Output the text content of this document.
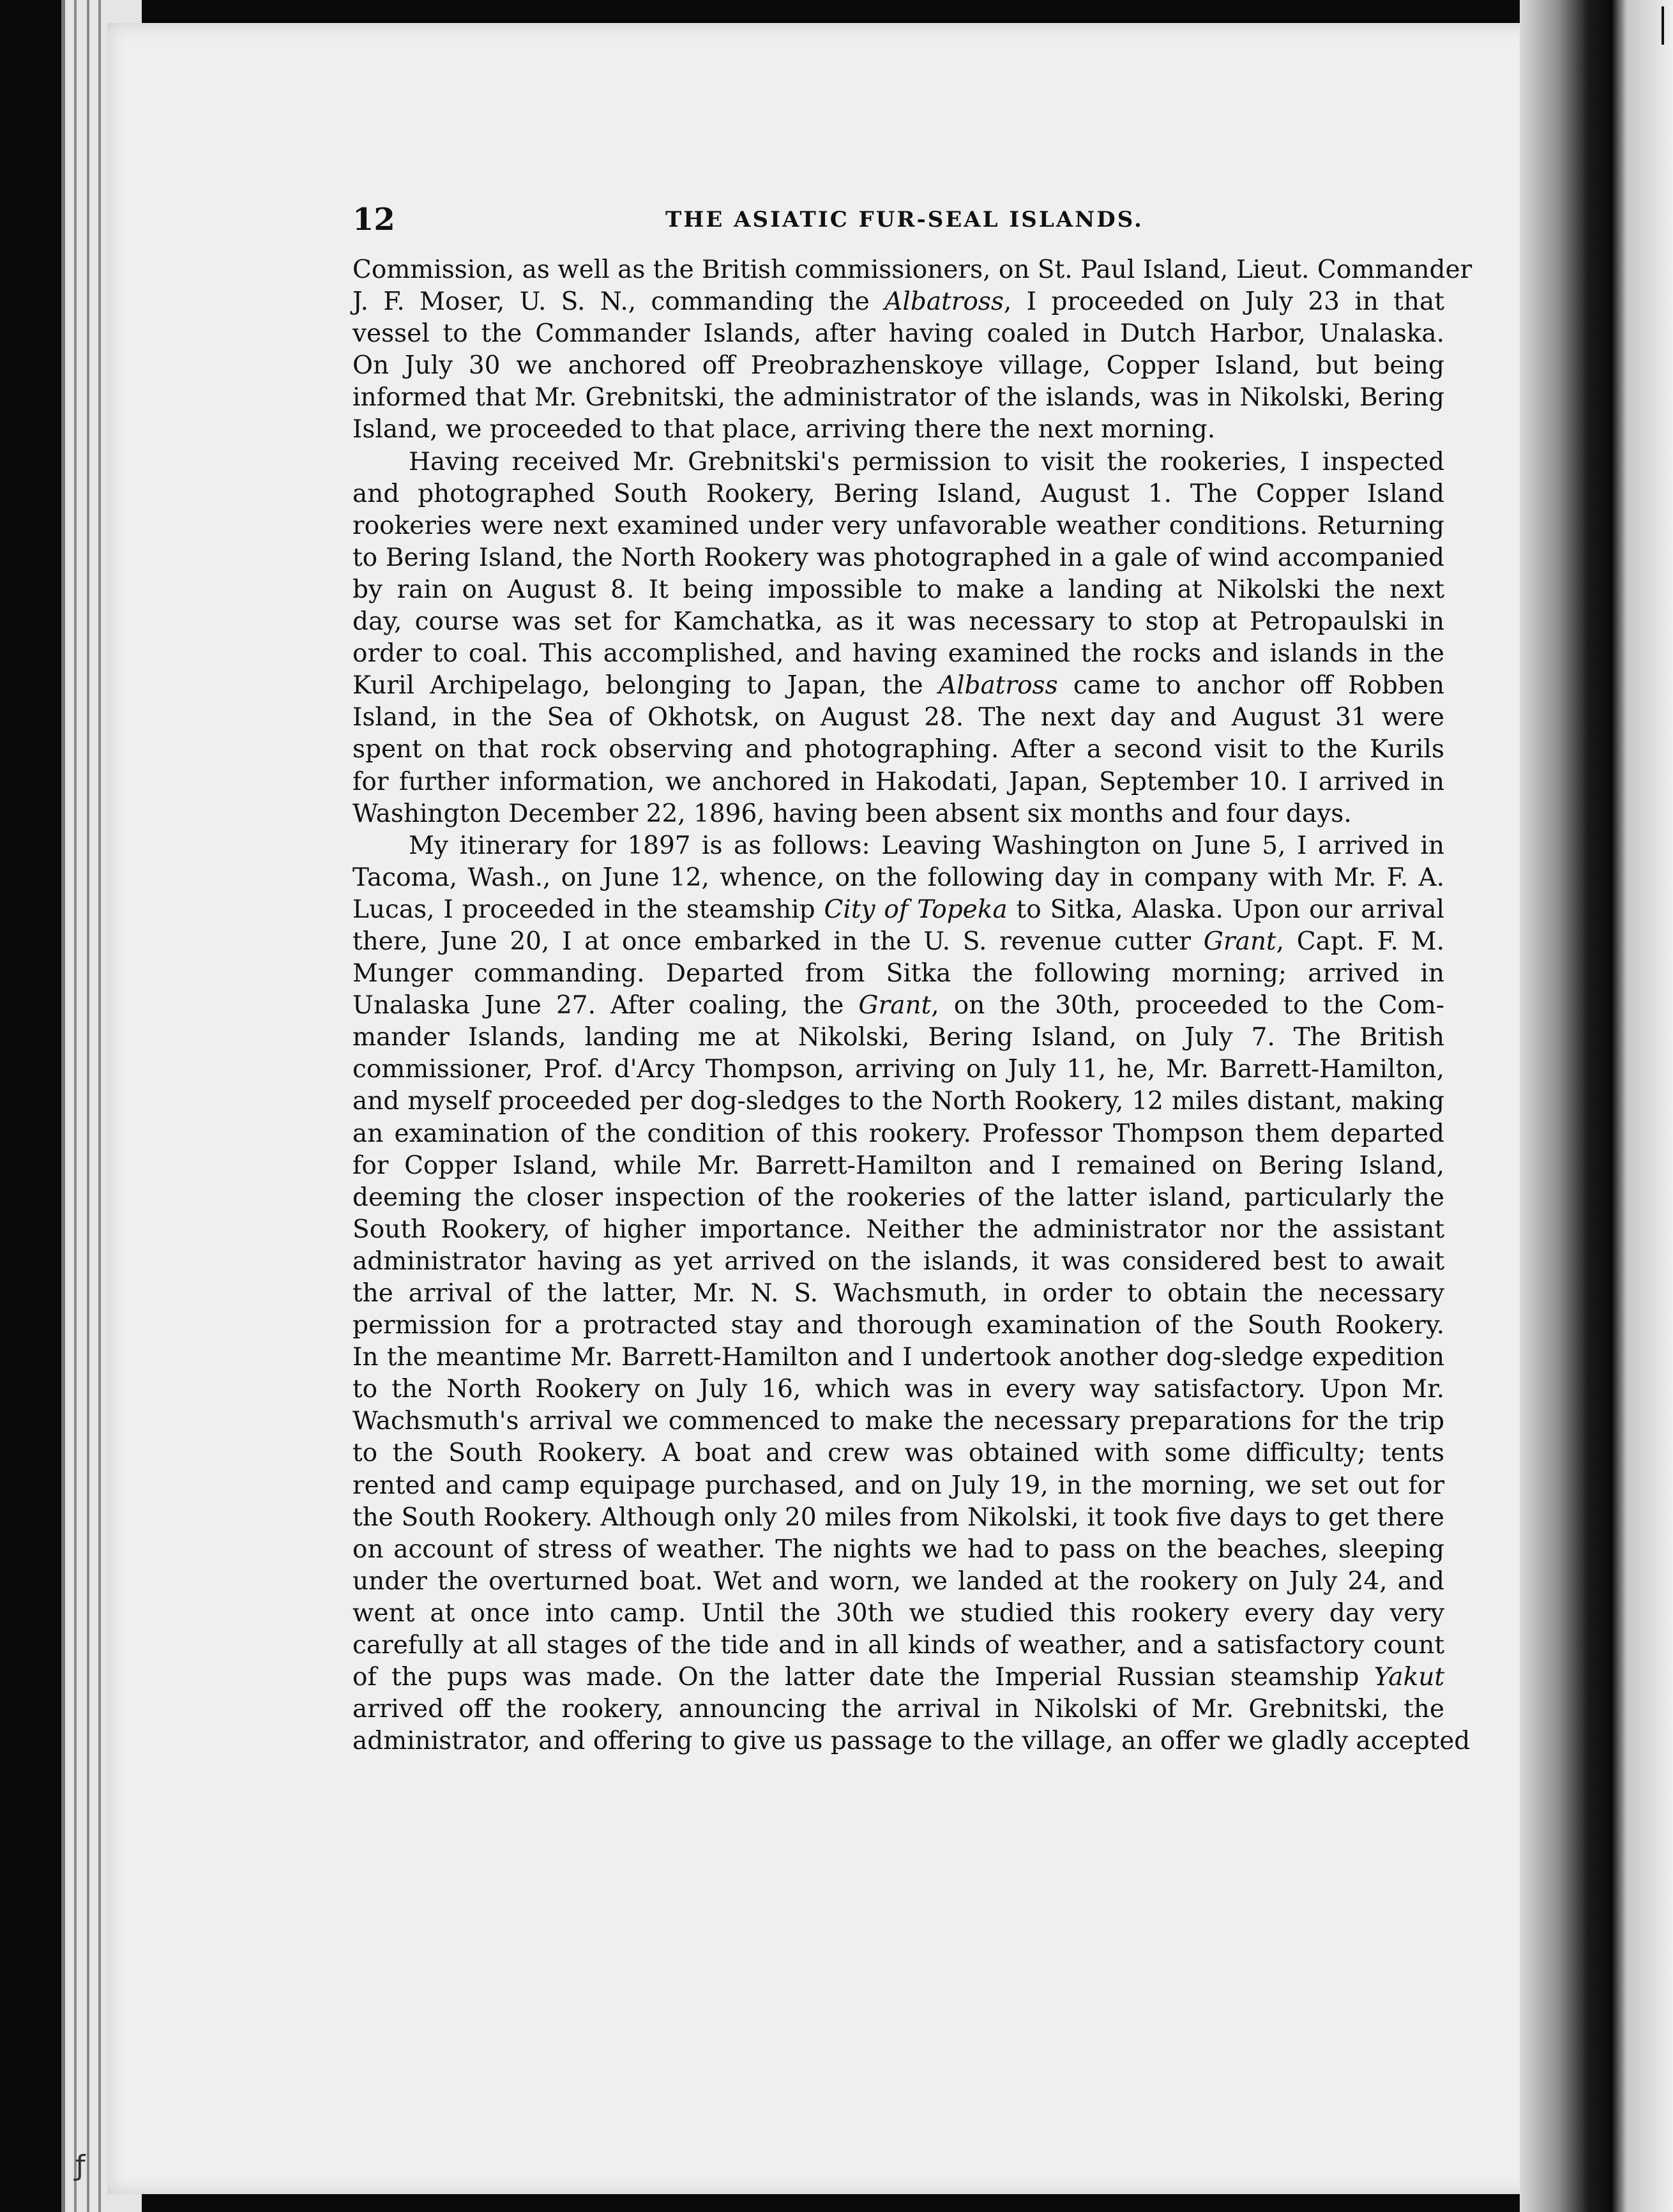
ƒ
12	THE ASIATIC FUR-SEAL ISLANDS.
Commission, as well as the British commissioners, on St. Paul Island, Lieut. Commander
J. F. Moser, U. S. N., commanding the Albatross, I proceeded on July 23 in that
vessel to the Commander Islands, after having coaled in Dutch Harbor, Unalaska.
On July 30 we anchored off Preobrazhenskoye village, Copper Island, but being
informed that Mr. Grebnitski, the administrator of the islands, was in Nikolski, Bering
Island, we proceeded to that place, arriving there the next morning.
Having received Mr. Grebnitski's permission to visit the rookeries, I inspected
and photographed South Rookery, Bering Island, August 1. The Copper Island
rookeries were next examined under very unfavorable weather conditions. Returning
to Bering Island, the North Rookery was photographed in a gale of wind accompanied
by rain on August 8. It being impossible to make a landing at Nikolski the next
day, course was set for Kamchatka, as it was necessary to stop at Petropaulski in
order to coal. This accomplished, and having examined the rocks and islands in the
Kuril Archipelago, belonging to Japan, the Albatross came to anchor off Robben
Island, in the Sea of Okhotsk, on August 28. The next day and August 31 were
spent on that rock observing and photographing. After a second visit to the Kurils
for further information, we anchored in Hakodati, Japan, September 10. I arrived in
Washington December 22, 1896, having been absent six months and four days.
My itinerary for 1897 is as follows: Leaving Washington on June 5, I arrived in
Tacoma, Wash., on June 12, whence, on the following day in company with Mr. F. A.
Lucas, I proceeded in the steamship City of Topeka to Sitka, Alaska. Upon our arrival
there, June 20, I at once embarked in the U. S. revenue cutter Grant, Capt. F. M.
Munger commanding. Departed from Sitka the following morning; arrived in
Unalaska June 27. After coaling, the Grant, on the 30th, proceeded to the Com-
mander Islands, landing me at Nikolski, Bering Island, on July 7. The British
commissioner, Prof. d'Arcy Thompson, arriving on July 11, he, Mr. Barrett-Hamilton,
and myself proceeded per dog-sledges to the North Rookery, 12 miles distant, making
an examination of the condition of this rookery. Professor Thompson them departed
for Copper Island, while Mr. Barrett-Hamilton and I remained on Bering Island,
deeming the closer inspection of the rookeries of the latter island, particularly the
South Rookery, of higher importance. Neither the administrator nor the assistant
administrator having as yet arrived on the islands, it was considered best to await
the arrival of the latter, Mr. N. S. Wachsmuth, in order to obtain the necessary
permission for a protracted stay and thorough examination of the South Rookery.
In the meantime Mr. Barrett-Hamilton and I undertook another dog-sledge expedition
to the North Rookery on July 16, which was in every way satisfactory. Upon Mr.
Wachsmuth's arrival we commenced to make the necessary preparations for the trip
to the South Rookery. A boat and crew was obtained with some difficulty; tents
rented and camp equipage purchased, and on July 19, in the morning, we set out for
the South Rookery. Although only 20 miles from Nikolski, it took five days to get there
on account of stress of weather. The nights we had to pass on the beaches, sleeping
under the overturned boat. Wet and worn, we landed at the rookery on July 24, and
went at once into camp. Until the 30th we studied this rookery every day very
carefully at all stages of the tide and in all kinds of weather, and a satisfactory count
of the pups was made. On the latter date the Imperial Russian steamship Yakut
arrived off the rookery, announcing the arrival in Nikolski of Mr. Grebnitski, the
administrator, and offering to give us passage to the village, an offer we gladly accepted
